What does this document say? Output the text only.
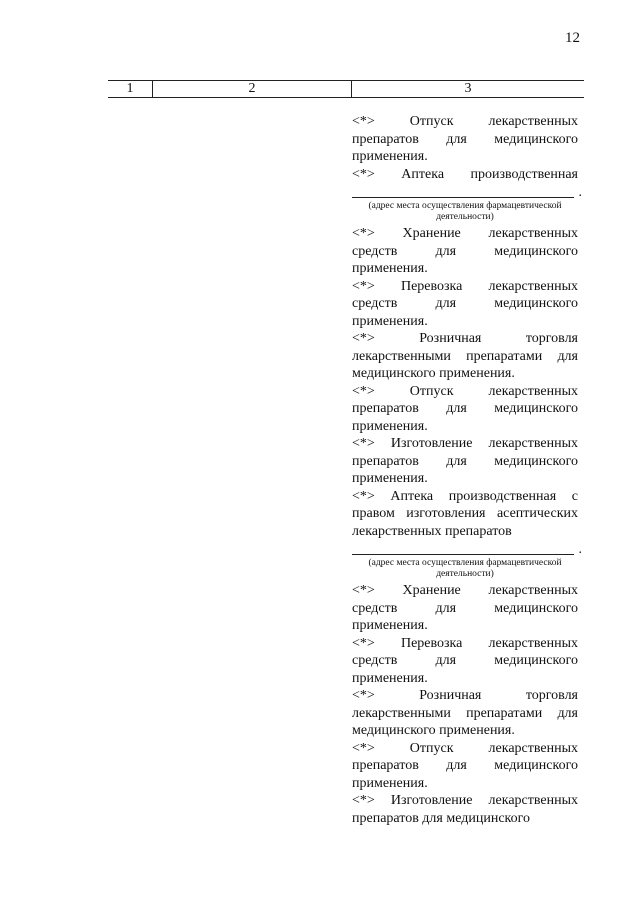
12
1	2	3
<*> Отпуск лекарственных препаратов для медицинского применения.
<*> Аптека производственная
.
(адрес места осуществления фармацевтической деятельности)
<*> Хранение лекарственных средств для медицинского применения.
<*> Перевозка лекарственных средств для медицинского применения.
<*> Розничная торговля лекарственными препаратами для медицинского применения.
<*> Отпуск лекарственных препаратов для медицинского применения.
<*> Изготовление лекарственных препаратов для медицинского применения.
<*> Аптека производственная с правом изготовления асептических лекарственных препаратов
.
(адрес места осуществления фармацевтической деятельности)
<*> Хранение лекарственных средств для медицинского применения.
<*> Перевозка лекарственных средств для медицинского применения.
<*> Розничная торговля лекарственными препаратами для медицинского применения.
<*> Отпуск лекарственных препаратов для медицинского применения.
<*> Изготовление лекарственных препаратов для медицинского
